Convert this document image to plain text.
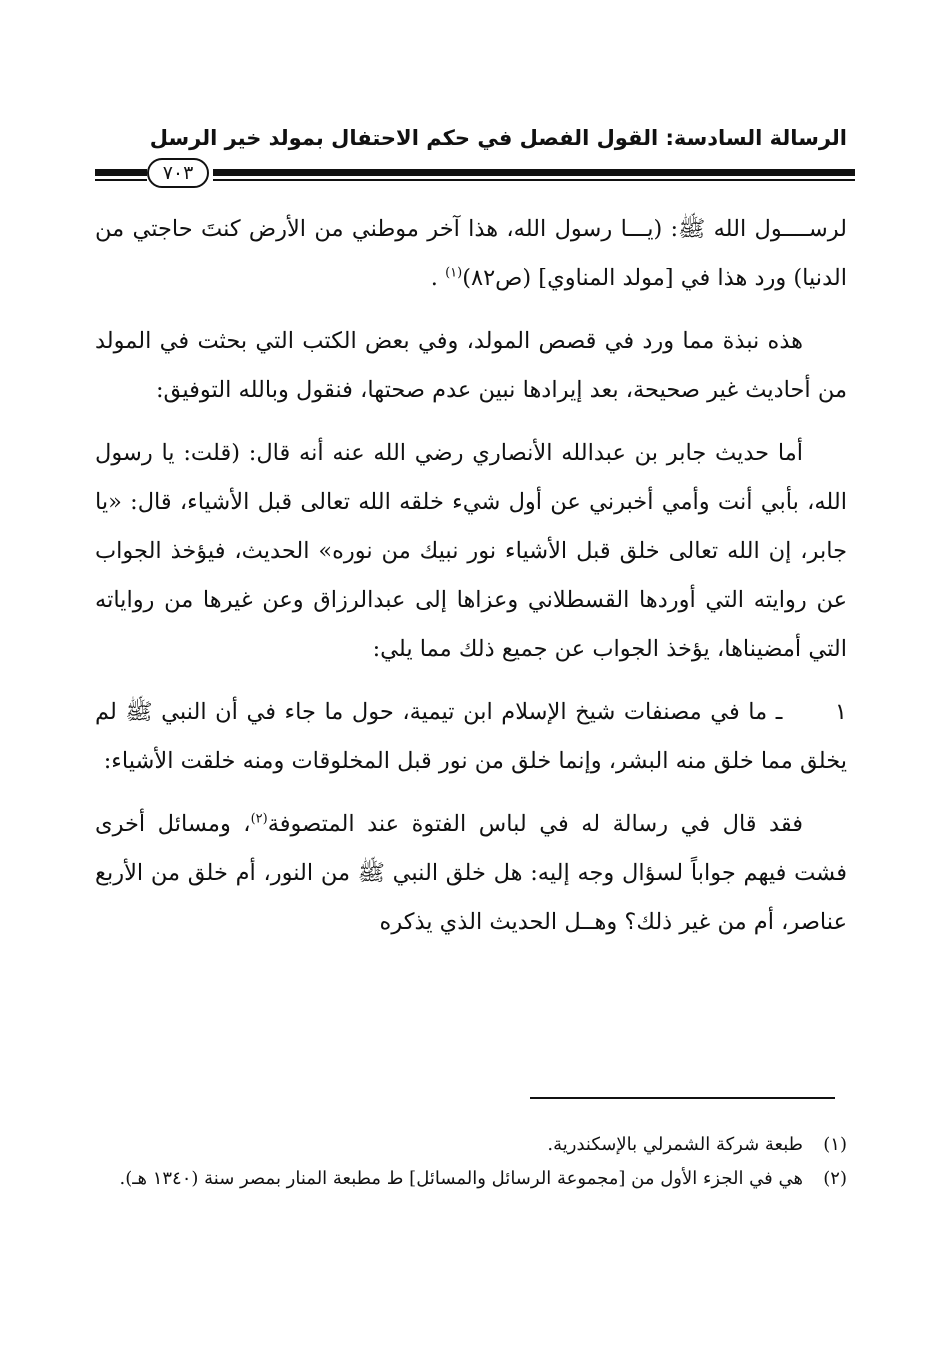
الرسالة السادسة: القول الفصل في حكم الاحتفال بمولد خير الرسل
٧٠٣

لرســــول الله ﷺ: (يـــا رسول الله، هذا آخر موطني من الأرض كنتَ حاجتي من الدنيا) ورد هذا في [مولد المناوي] (ص٨٢)$^{(١)}$ .

هذه نبذة مما ورد في قصص المولد، وفي بعض الكتب التي بحثت في المولد من أحاديث غير صحيحة، بعد إيرادها نبين عدم صحتها، فنقول وبالله التوفيق:

أما حديث جابر بن عبدالله الأنصاري رضي الله عنه أنه قال: (قلت: يا رسول الله، بأبي أنت وأمي أخبرني عن أول شيء خلقه الله تعالى قبل الأشياء، قال: «يا جابر، إن الله تعالى خلق قبل الأشياء نور نبيك من نوره» الحديث، فيؤخذ الجواب عن روايته التي أوردها القسطلاني وعزاها إلى عبدالرزاق وعن غيرها من رواياته التي أمضيناها، يؤخذ الجواب عن جميع ذلك مما يلي:

١ ـ ما في مصنفات شيخ الإسلام ابن تيمية، حول ما جاء في أن النبي ﷺ لم يخلق مما خلق منه البشر، وإنما خلق من نور قبل المخلوقات ومنه خلقت الأشياء:

فقد قال في رسالة له في لباس الفتوة عند المتصوفة$^{(٢)}$، ومسائل أخرى فشت فيهم جواباً لسؤال وجه إليه: هل خلق النبي ﷺ من النور، أم خلق من الأربع عناصر، أم من غير ذلك؟ وهــل الحديث الذي يذكره

(١)
طبعة شركة الشمرلي بالإسكندرية.
(٢)
هي في الجزء الأول من [مجموعة الرسائل والمسائل] ط مطبعة المنار بمصر سنة (١٣٤٠ هـ).
